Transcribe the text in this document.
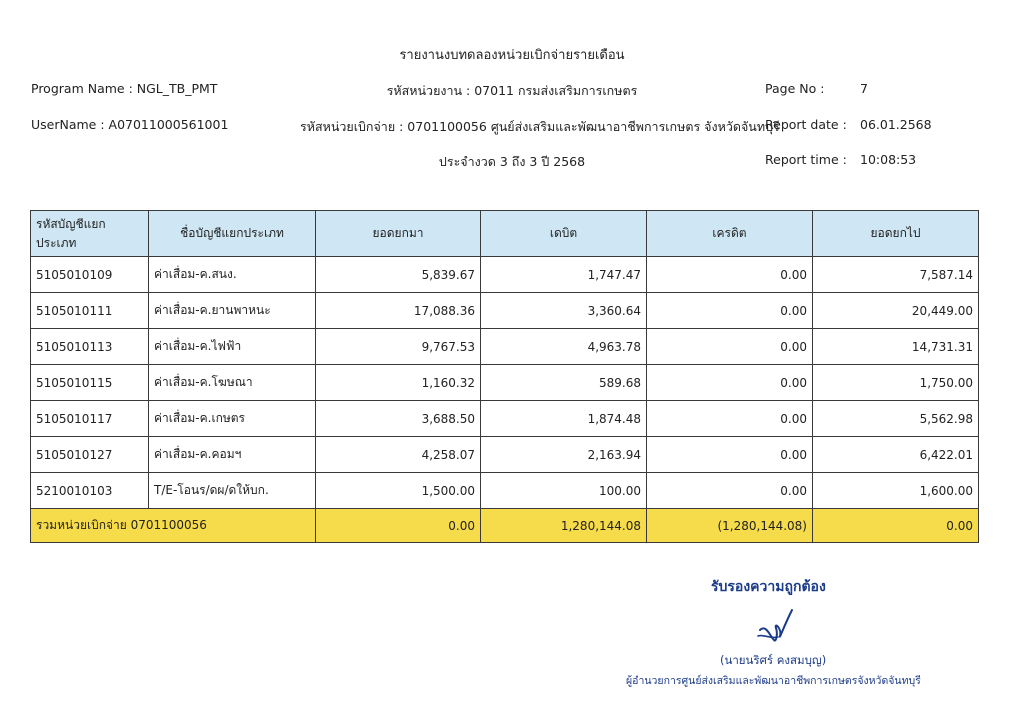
รายงานงบทดลองหน่วยเบิกจ่ายรายเดือน
Program Name : NGL_TB_PMT
UserName : A07011000561001
รหัสหน่วยงาน : 07011 กรมส่งเสริมการเกษตร
รหัสหน่วยเบิกจ่าย : 0701100056 ศูนย์ส่งเสริมและพัฒนาอาชีพการเกษตร จังหวัดจันทบุรี
ประจำงวด 3 ถึง 3 ปี 2568
Page No :	7
Report date : 06.01.2568
Report time : 10:08:53
รหัสบัญชีแยกประเภท	ชื่อบัญชีแยกประเภท	ยอดยกมา	เดบิต	เครดิต	ยอดยกไป
5105010109	ค่าเสื่อม-ค.สนง.	5,839.67	1,747.47	0.00	7,587.14
5105010111	ค่าเสื่อม-ค.ยานพาหนะ	17,088.36	3,360.64	0.00	20,449.00
5105010113	ค่าเสื่อม-ค.ไฟฟ้า	9,767.53	4,963.78	0.00	14,731.31
5105010115	ค่าเสื่อม-ค.โฆษณา	1,160.32	589.68	0.00	1,750.00
5105010117	ค่าเสื่อม-ค.เกษตร	3,688.50	1,874.48	0.00	5,562.98
5105010127	ค่าเสื่อม-ค.คอมฯ	4,258.07	2,163.94	0.00	6,422.01
5210010103	T/E-โอนร/ดผ/ดให้บก.	1,500.00	100.00	0.00	1,600.00
รวมหน่วยเบิกจ่าย 0701100056		0.00	1,280,144.08	(1,280,144.08)	0.00
รับรองความถูกต้อง
(นายนริศร์ คงสมบุญ)
ผู้อำนวยการศูนย์ส่งเสริมและพัฒนาอาชีพการเกษตรจังหวัดจันทบุรี
